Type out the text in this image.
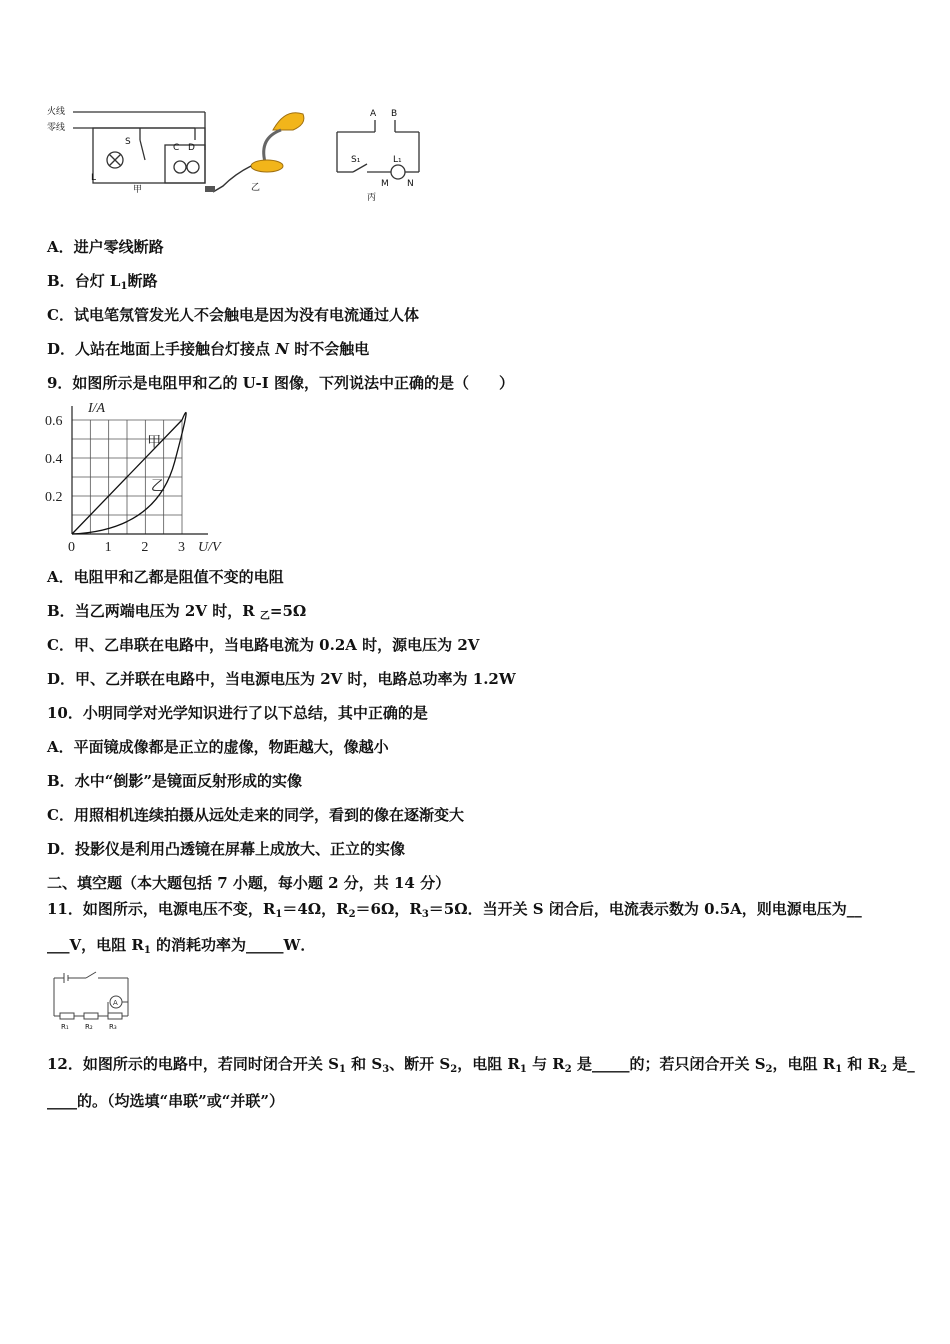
火线
零线
L
S
C D
甲	乙
A B
S₁	L₁
M N
丙
A．进户零线断路
B．台灯 $L_1$断路
C．试电笔氖管发光人不会触电是因为没有电流通过人体
D．人站在地面上手接触台灯接点 N 时不会触电
9．如图所示是电阻甲和乙的 U-I 图像，下列说法中正确的是（　　）
0 1 2 3
0.2
0.4
0.6
U/V
I/A
甲
乙
A．电阻甲和乙都是阻值不变的电阻
B．当乙两端电压为 2V 时，R $_乙$=5Ω
C．甲、乙串联在电路中，当电路电流为 0.2A 时，源电压为 2V
D．甲、乙并联在电路中，当电源电压为 2V 时，电路总功率为 1.2W
10．小明同学对光学知识进行了以下总结，其中正确的是
A．平面镜成像都是正立的虚像，物距越大，像越小
B．水中“倒影”是镜面反射形成的实像
C．用照相机连续拍摄从远处走来的同学，看到的像在逐渐变大
D．投影仪是利用凸透镜在屏幕上成放大、正立的实像
二、填空题（本大题包括 7 小题，每小题 2 分，共 14 分）
11．如图所示，电源电压不变，$R_1=4\Omega$，$R_2=6\Omega$，$R_3=5\Omega$．当开关 S 闭合后，电流表示数为 0.5A，则电源电压为__
___V，电阻 $R_1$ 的消耗功率为_____W．
A
R₁ R₂ R₃
12．如图所示的电路中，若同时闭合开关 $S_1$ 和 $S_3$、断开 $S_2$，电阻 $R_1$ 与 $R_2$ 是_____的；若只闭合开关 $S_2$，电阻 $R_1$ 和 $R_2$ 是_
____的。（均选填“串联”或“并联”）
